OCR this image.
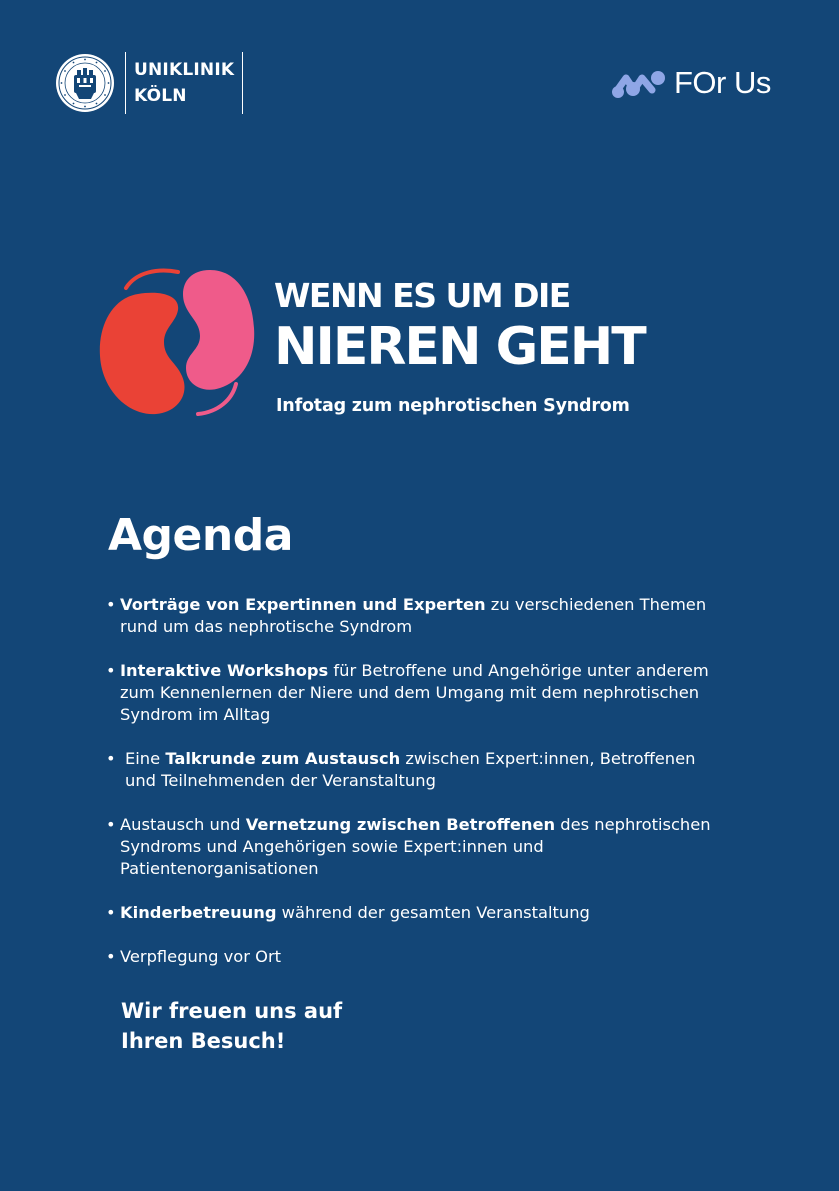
UNIKLINIK
KÖLN	FOr Us
WENN ES UM DIE
NIEREN GEHT
Infotag zum nephrotischen Syndrom
Agenda
• Vorträge von Expertinnen und Experten zu verschiedenen Themen rund um das nephrotische Syndrom
• Interaktive Workshops für Betroffene und Angehörige unter anderem zum Kennenlernen der Niere und dem Umgang mit dem nephrotischen Syndrom im Alltag
• Eine Talkrunde zum Austausch zwischen Expert:innen, Betroffenen und Teilnehmenden der Veranstaltung
• Austausch und Vernetzung zwischen Betroffenen des nephrotischen Syndroms und Angehörigen sowie Expert:innen und Patientenorganisationen
• Kinderbetreuung während der gesamten Veranstaltung
• Verpflegung vor Ort
Wir freuen uns auf
Ihren Besuch!
